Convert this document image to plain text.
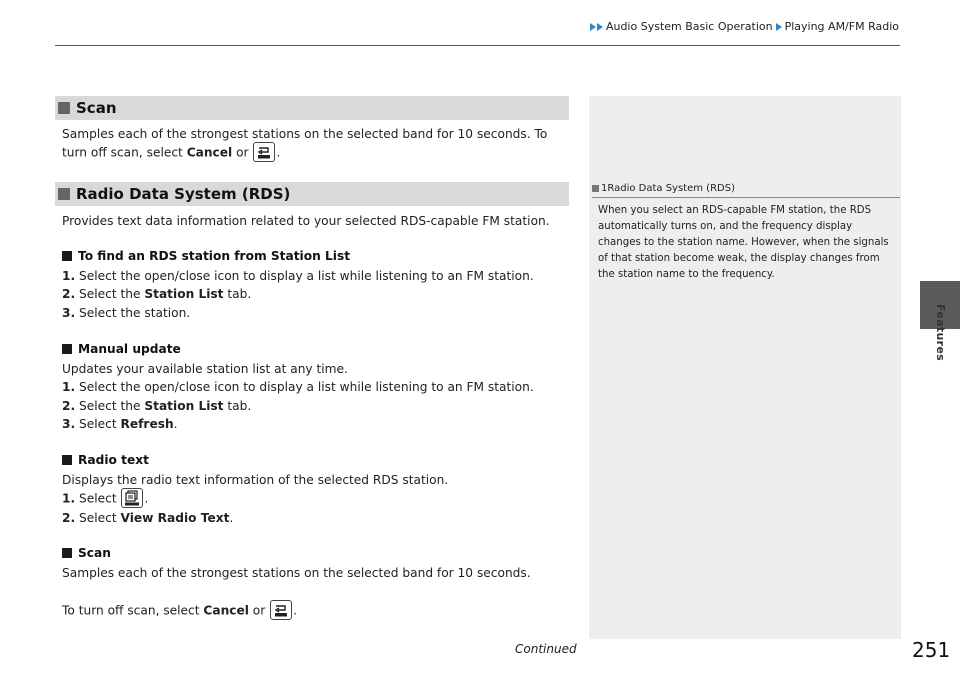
Audio System Basic Operation Playing AM/FM Radio
Features
1 Radio Data System (RDS)
When you select an RDS-capable FM station, the RDS automatically turns on, and the frequency display changes to the station name. However, when the signals of that station become weak, the display changes from the station name to the frequency.
Scan
Samples each of the strongest stations on the selected band for 10 seconds. To turn off scan, select Cancel or
.
Radio Data System (RDS)
Provides text data information related to your selected RDS-capable FM station.
To find an RDS station from Station List
1. Select the open/close icon to display a list while listening to an FM station.
2. Select the Station List tab.
3. Select the station.
Manual update
Updates your available station list at any time.
1. Select the open/close icon to display a list while listening to an FM station.
2. Select the Station List tab.
3. Select Refresh.
Radio text
Displays the radio text information of the selected RDS station.
1. Select
.
2. Select View Radio Text.
Scan
Samples each of the strongest stations on the selected band for 10 seconds.
To turn off scan, select Cancel or
.
Continued	251
